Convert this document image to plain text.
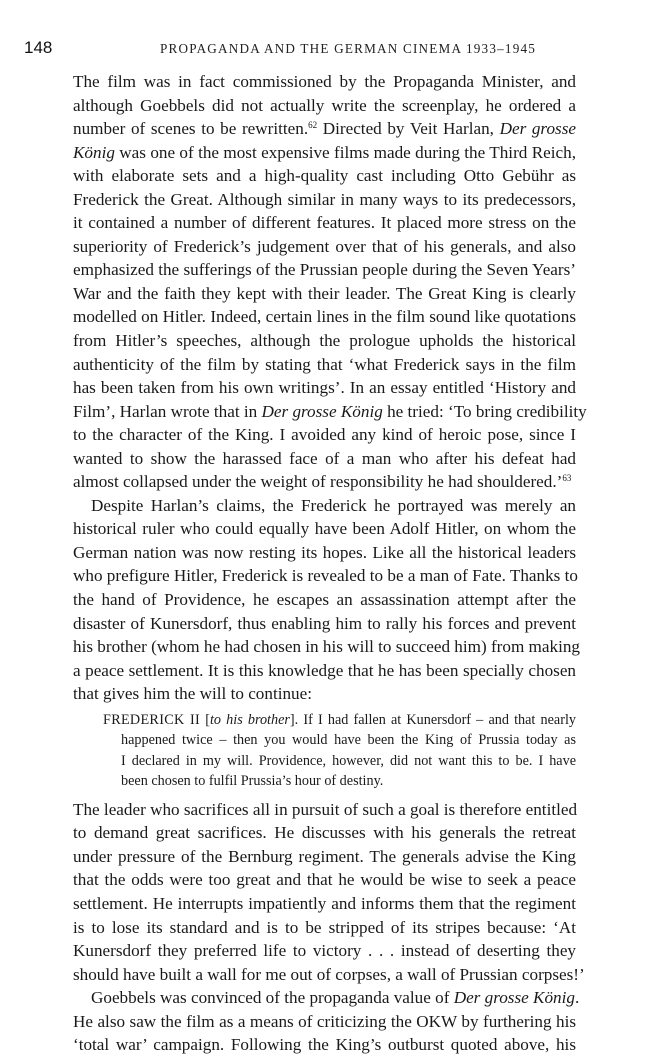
148	PROPAGANDA AND THE GERMAN CINEMA 1933–1945
The film was in fact commissioned by the Propaganda Minister, and
although Goebbels did not actually write the screenplay, he ordered a
number of scenes to be rewritten.$^{62}$ Directed by Veit Harlan, Der grosse
König was one of the most expensive films made during the Third Reich,
with elaborate sets and a high-quality cast including Otto Gebühr as
Frederick the Great. Although similar in many ways to its predecessors,
it contained a number of different features. It placed more stress on the
superiority of Frederick’s judgement over that of his generals, and also
emphasized the sufferings of the Prussian people during the Seven Years’
War and the faith they kept with their leader. The Great King is clearly
modelled on Hitler. Indeed, certain lines in the film sound like quotations
from Hitler’s speeches, although the prologue upholds the historical
authenticity of the film by stating that ‘what Frederick says in the film
has been taken from his own writings’. In an essay entitled ‘History and
Film’, Harlan wrote that in Der grosse König he tried: ‘To bring credibility
to the character of the King. I avoided any kind of heroic pose, since I
wanted to show the harassed face of a man who after his defeat had
almost collapsed under the weight of responsibility he had shouldered.’$^{63}$
Despite Harlan’s claims, the Frederick he portrayed was merely an
historical ruler who could equally have been Adolf Hitler, on whom the
German nation was now resting its hopes. Like all the historical leaders
who prefigure Hitler, Frederick is revealed to be a man of Fate. Thanks to
the hand of Providence, he escapes an assassination attempt after the
disaster of Kunersdorf, thus enabling him to rally his forces and prevent
his brother (whom he had chosen in his will to succeed him) from making
a peace settlement. It is this knowledge that he has been specially chosen
that gives him the will to continue:
FREDERICK II [to his brother]. If I had fallen at Kunersdorf – and that nearly
happened twice – then you would have been the King of Prussia today as
I declared in my will. Providence, however, did not want this to be. I have
been chosen to fulfil Prussia’s hour of destiny.
The leader who sacrifices all in pursuit of such a goal is therefore entitled
to demand great sacrifices. He discusses with his generals the retreat
under pressure of the Bernburg regiment. The generals advise the King
that the odds were too great and that he would be wise to seek a peace
settlement. He interrupts impatiently and informs them that the regiment
is to lose its standard and is to be stripped of its stripes because: ‘At
Kunersdorf they preferred life to victory . . . instead of deserting they
should have built a wall for me out of corpses, a wall of Prussian corpses!’
Goebbels was convinced of the propaganda value of Der grosse König.
He also saw the film as a means of criticizing the OKW by furthering his
‘total war’ campaign. Following the King’s outburst quoted above, his
